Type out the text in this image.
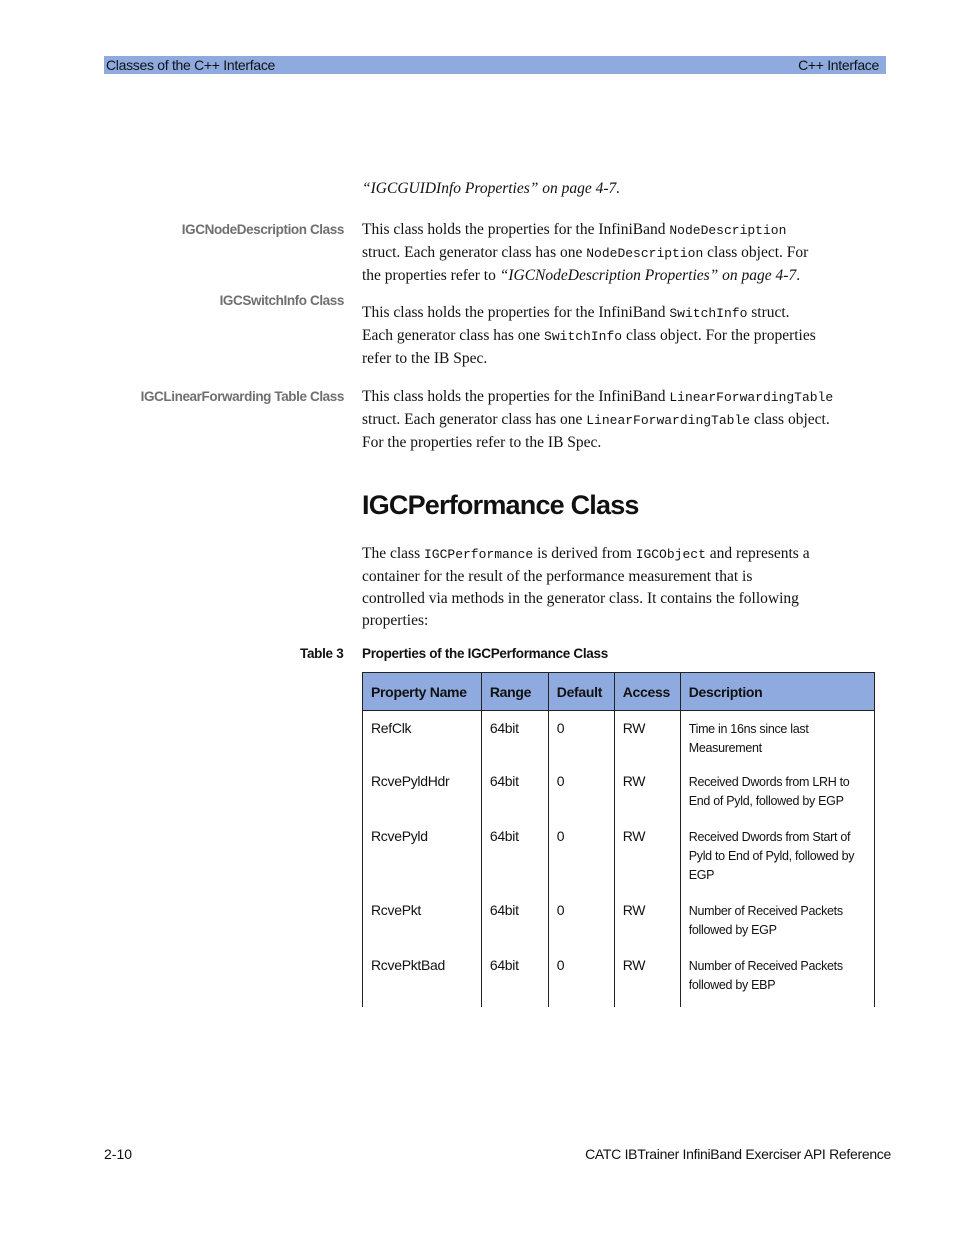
Classes of the C++ Interface	C++ Interface
“IGCGUIDInfo Properties” on page 4-7.
IGCNodeDescription Class This class holds the properties for the InfiniBand NodeDescription
struct. Each generator class has one NodeDescription class object. For
the properties refer to “IGCNodeDescription Properties” on page 4-7.
IGCSwitchInfo Class
This class holds the properties for the InfiniBand SwitchInfo struct.
Each generator class has one SwitchInfo class object. For the properties
refer to the IB Spec.
IGCLinearForwarding Table Class This class holds the properties for the InfiniBand LinearForwardingTable
struct. Each generator class has one LinearForwardingTable class object.
For the properties refer to the IB Spec.
IGCPerformance Class
The class IGCPerformance is derived from IGCObject and represents a
container for the result of the performance measurement that is
controlled via methods in the generator class. It contains the following
properties:
Table 3 Properties of the IGCPerformance Class
Property Name	Range	Default	Access	Description
RefClk	64bit	0	RW	Time in 16ns since last Measurement
RcvePyldHdr	64bit	0	RW	Received Dwords from LRH to End of Pyld, followed by EGP
RcvePyld	64bit	0	RW	Received Dwords from Start of Pyld to End of Pyld, followed by EGP
RcvePkt	64bit	0	RW	Number of Received Packets followed by EGP
RcvePktBad	64bit	0	RW	Number of Received Packets followed by EBP
2-10	CATC IBTrainer InfiniBand Exerciser API Reference
